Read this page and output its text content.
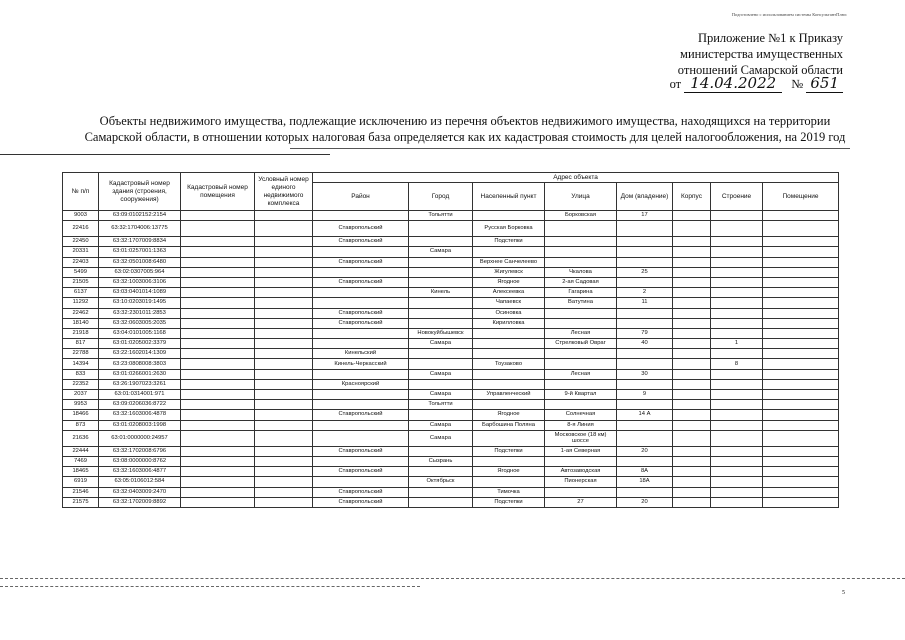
Подготовлено с использованием системы КонсультантПлюс
Приложение №1 к Приказу
министерства имущественных
отношений Самарской области
от 14.04.2022 № 651
Объекты недвижимого имущества, подлежащие исключению из перечня объектов недвижимого имущества, находящихся на территории Самарской области, в отношении которых налоговая база определяется как их кадастровая стоимость для целей налогообложения, на 2019 год
№ п/п	Кадастровый номер здания (строения, сооружения)	Кадастровый номер помещения	Условный номер единого недвижимого комплекса	Адрес объекта							
				Район	Город	Населенный пункт	Улица	Дом (владение)	Корпус	Строение	Помещение
9003	63:09:0102152:2154				Тольятти		Борковская	17			
22416	63:32:1704006:13775			Ставропольский		Русская Борковка					
22450	63:32:1707009:8834			Ставропольский		Подстепки					
20331	63:01:0257001:1363				Самара						
22403	63:32:0501008:6480			Ставропольский		Верхнее Санчелеево					
5499	63:02:0307005:964					Жигулевск	Чкалова	25			
21505	63:32:1003006:3106			Ставропольский		Ягодное	2-ая Садовая				
6137	63:03:0401014:1089				Кинель	Алексеевка	Гагарина	2			
11292	63:10:0203019:1495					Чапаевск	Ватутина	11			
22462	63:32:2301011:2853			Ставропольский		Осиновка					
18140	63:32:0603005:2035			Ставропольский		Кирилловка					
21918	63:04:0101005:1168				Новокуйбышевск		Лесная	79			
817	63:01:0205002:3379				Самара		Стрелковый Овраг	40		1	
22788	63:22:1602014:1309			Кинельский							
14394	63:23:0808008:3803			Кинель-Черкасский		Тоузаково				8	
833	63:01:0266001:2630				Самара		Лесная	30			
22352	63:26:1907023:3261			Красноярский							
2037	63:01:0314001:971				Самара	Управленческий	9-й Квартал	9			
9953	63:09:0206036:8722				Тольятти						
18466	63:32:1603006:4878			Ставропольский		Ягодное	Солнечная	14 А			
873	63:01:0208003:1998				Самара	Барбошина Поляна	8-я Линия				
21636	63:01:0000000:24957				Самара		Московское (18 км) шоссе				
22444	63:32:1702008:6796			Ставропольский		Подстепки	1-ая Северная	20			
7469	63:08:0000000:8762				Сызрань						
18465	63:32:1603006:4877			Ставропольский		Ягодное	Автозаводская	8А			
6919	63:05:0106012:584				Октябрьск		Пионерская	18А			
21546	63:32:0403009:2470			Ставропольский		Тимочка					
21575	63:32:1702009:8892			Ставропольский		Подстепки	27	20			
5
